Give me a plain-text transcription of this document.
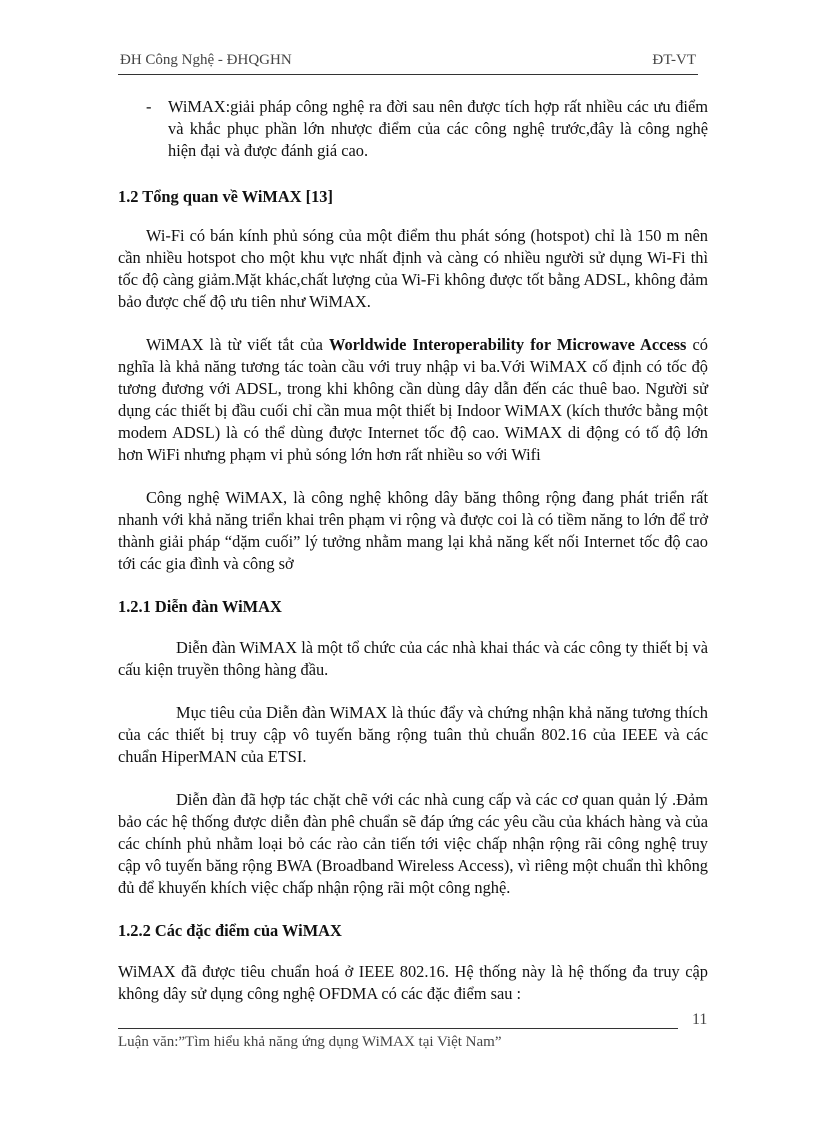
ĐH Công Nghệ - ĐHQGHN	ĐT-VT

- WiMAX:giải pháp công nghệ ra đời sau nên được tích hợp rất nhiều các ưu điểm và khắc phục phần lớn nhược điểm của các công nghệ trước,đây là công nghệ hiện đại và được đánh giá cao.

1.2 Tổng quan về WiMAX [13]

Wi-Fi có bán kính phủ sóng của một điểm thu phát sóng (hotspot) chỉ là 150 m nên cần nhiều hotspot cho một khu vực nhất định và càng có nhiều người sử dụng Wi-Fi thì tốc độ càng giảm.Mặt khác,chất lượng của Wi-Fi không được tốt bằng ADSL, không đảm bảo được chế độ ưu tiên như WiMAX.

WiMAX là từ viết tắt của Worldwide Interoperability for Microwave Access có nghĩa là khả năng tương tác toàn cầu với truy nhập vi ba.Với WiMAX cố định có tốc độ tương đương với ADSL, trong khi không cần dùng dây dẫn đến các thuê bao. Người sử dụng các thiết bị đầu cuối chỉ cần mua một thiết bị Indoor WiMAX (kích thước bằng một modem ADSL) là có thể dùng được Internet tốc độ cao. WiMAX di động có tố độ lớn hơn WiFi nhưng phạm vi phủ sóng lớn hơn rất nhiều so với Wifi

Công nghệ WiMAX, là công nghệ không dây băng thông rộng đang phát triển rất nhanh với khả năng triển khai trên phạm vi rộng và được coi là có tiềm năng to lớn để trở thành giải pháp “dặm cuối” lý tưởng nhằm mang lại khả năng kết nối Internet tốc độ cao tới các gia đình và công sở

1.2.1 Diễn đàn WiMAX

Diễn đàn WiMAX là một tổ chức của các nhà khai thác và các công ty thiết bị và cấu kiện truyền thông hàng đầu.

Mục tiêu của Diễn đàn WiMAX là thúc đẩy và chứng nhận khả năng tương thích của các thiết bị truy cập vô tuyến băng rộng tuân thủ chuẩn 802.16 của IEEE và các chuẩn HiperMAN của ETSI.

Diễn đàn đã hợp tác chặt chẽ với các nhà cung cấp và các cơ quan quản lý .Đảm bảo các hệ thống được diễn đàn phê chuẩn sẽ đáp ứng các yêu cầu của khách hàng và của các chính phủ nhằm loại bỏ các rào cản tiến tới việc chấp nhận rộng rãi công nghệ truy cập vô tuyến băng rộng BWA (Broadband Wireless Access), vì riêng một chuẩn thì không đủ để khuyến khích việc chấp nhận rộng rãi một công nghệ.

1.2.2 Các đặc điểm của WiMAX

WiMAX đã được tiêu chuẩn hoá ở IEEE 802.16. Hệ thống này là hệ thống đa truy cập không dây sử dụng công nghệ OFDMA có các đặc điểm sau :

11
Luận văn:”Tìm hiểu khả năng ứng dụng WiMAX tại Việt Nam”
